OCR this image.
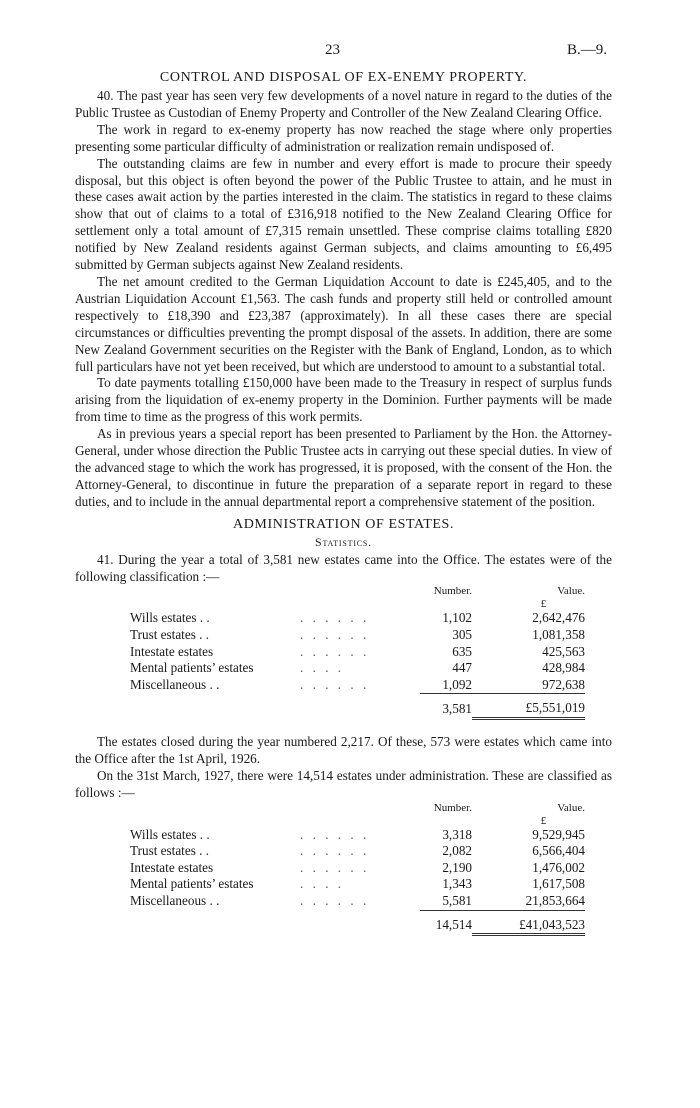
23	B.—9.
CONTROL AND DISPOSAL OF EX-ENEMY PROPERTY.

40. The past year has seen very few developments of a novel nature in regard to the duties of the Public Trustee as Custodian of Enemy Property and Controller of the New Zealand Clearing Office.

The work in regard to ex-enemy property has now reached the stage where only properties presenting some particular difficulty of administration or realization remain undisposed of.

The outstanding claims are few in number and every effort is made to procure their speedy disposal, but this object is often beyond the power of the Public Trustee to attain, and he must in these cases await action by the parties interested in the claim. The statistics in regard to these claims show that out of claims to a total of £316,918 notified to the New Zealand Clearing Office for settlement only a total amount of £7,315 remain unsettled. These comprise claims totalling £820 notified by New Zealand residents against German subjects, and claims amounting to £6,495 submitted by German subjects against New Zealand residents.

The net amount credited to the German Liquidation Account to date is £245,405, and to the Austrian Liquidation Account £1,563. The cash funds and property still held or controlled amount respectively to £18,390 and £23,387 (approximately). In all these cases there are special circumstances or difficulties preventing the prompt disposal of the assets. In addition, there are some New Zealand Government securities on the Register with the Bank of England, London, as to which full particulars have not yet been received, but which are understood to amount to a substantial total.

To date payments totalling £150,000 have been made to the Treasury in respect of surplus funds arising from the liquidation of ex-enemy property in the Dominion. Further payments will be made from time to time as the progress of this work permits.

As in previous years a special report has been presented to Parliament by the Hon. the Attorney-General, under whose direction the Public Trustee acts in carrying out these special duties. In view of the advanced stage to which the work has progressed, it is proposed, with the consent of the Hon. the Attorney-General, to discontinue in future the preparation of a separate report in regard to these duties, and to include in the annual departmental report a comprehensive statement of the position.

ADMINISTRATION OF ESTATES.
Statistics.

41. During the year a total of 3,581 new estates came into the Office. The estates were of the following classification :—

		Number.	Value.
			£
Wills estates . .	. . . . . .	1,102	2,642,476
Trust estates . .	. . . . . .	305	1,081,358
Intestate estates	. . . . . .	635	425,563
Mental patients’ estates	. . . .	447	428,984
Miscellaneous . .	. . . . . .	1,092	972,638
		3,581	£5,551,019

The estates closed during the year numbered 2,217. Of these, 573 were estates which came into the Office after the 1st April, 1926.

On the 31st March, 1927, there were 14,514 estates under administration. These are classified as follows :—

		Number.	Value.
			£
Wills estates . .	. . . . . .	3,318	9,529,945
Trust estates . .	. . . . . .	2,082	6,566,404
Intestate estates	. . . . . .	2,190	1,476,002
Mental patients’ estates	. . . .	1,343	1,617,508
Miscellaneous . .	. . . . . .	5,581	21,853,664
		14,514	£41,043,523
